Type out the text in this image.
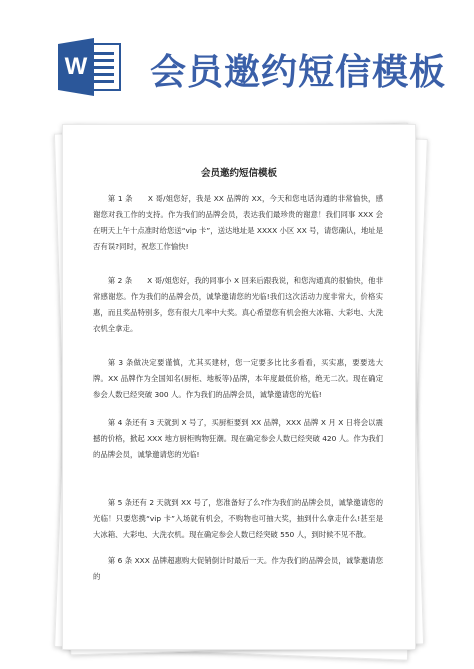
W 会员邀约短信模板
会员邀约短信模板

第 1 条　　X 哥/姐您好，我是 XX 品牌的 XX，今天和您电话沟通的非常愉快，感谢您对我工作的支持。作为我们的品牌会员，表达我们最珍贵的谢意！我们同事 XXX 会在明天上午十点准时给您送“vip 卡”，送达地址是 XXXX 小区 XX 号，请您确认，地址是否有误?同时，祝您工作愉快!

第 2 条　　X 哥/姐您好，我的同事小 X 回来后跟我说，和您沟通真的很愉快，他非常感谢您。作为我们的品牌会员，诚挚邀请您的光临!我们这次活动力度非常大，价格实惠，而且奖品特别多，您有很大几率中大奖。真心希望您有机会抱大冰箱、大彩电、大洗衣机全拿走。

第 3 条做决定要谨慎，尤其买建材，您一定要多比比多看看，买实惠，要要选大牌。XX 品牌作为全国知名(厨柜、地板等)品牌，本年度最低价格，绝无二次。现在确定参会人数已经突破 300 人。作为我们的品牌会员，诚挚邀请您的光临!

第 4 条还有 3 天就到 X 号了，买厨柜要到 XX 品牌，XXX 品牌 X 月 X 日将会以震撼的价格，掀起 XXX 地方厨柜购物狂潮。现在确定参会人数已经突破 420 人。作为我们的品牌会员，诚挚邀请您的光临!

第 5 条还有 2 天就到 XX 号了，您准备好了么?作为我们的品牌会员，诚挚邀请您的光临！只要您携“vip 卡”入场就有机会，不购物也可抽大奖，抽到什么拿走什么!甚至是大冰箱、大彩电、大洗衣机。现在确定参会人数已经突破 550 人，到时候不见不散。

第 6 条 XXX 品牌超惠购大促销倒计时最后一天。作为我们的品牌会员，诚挚邀请您的
